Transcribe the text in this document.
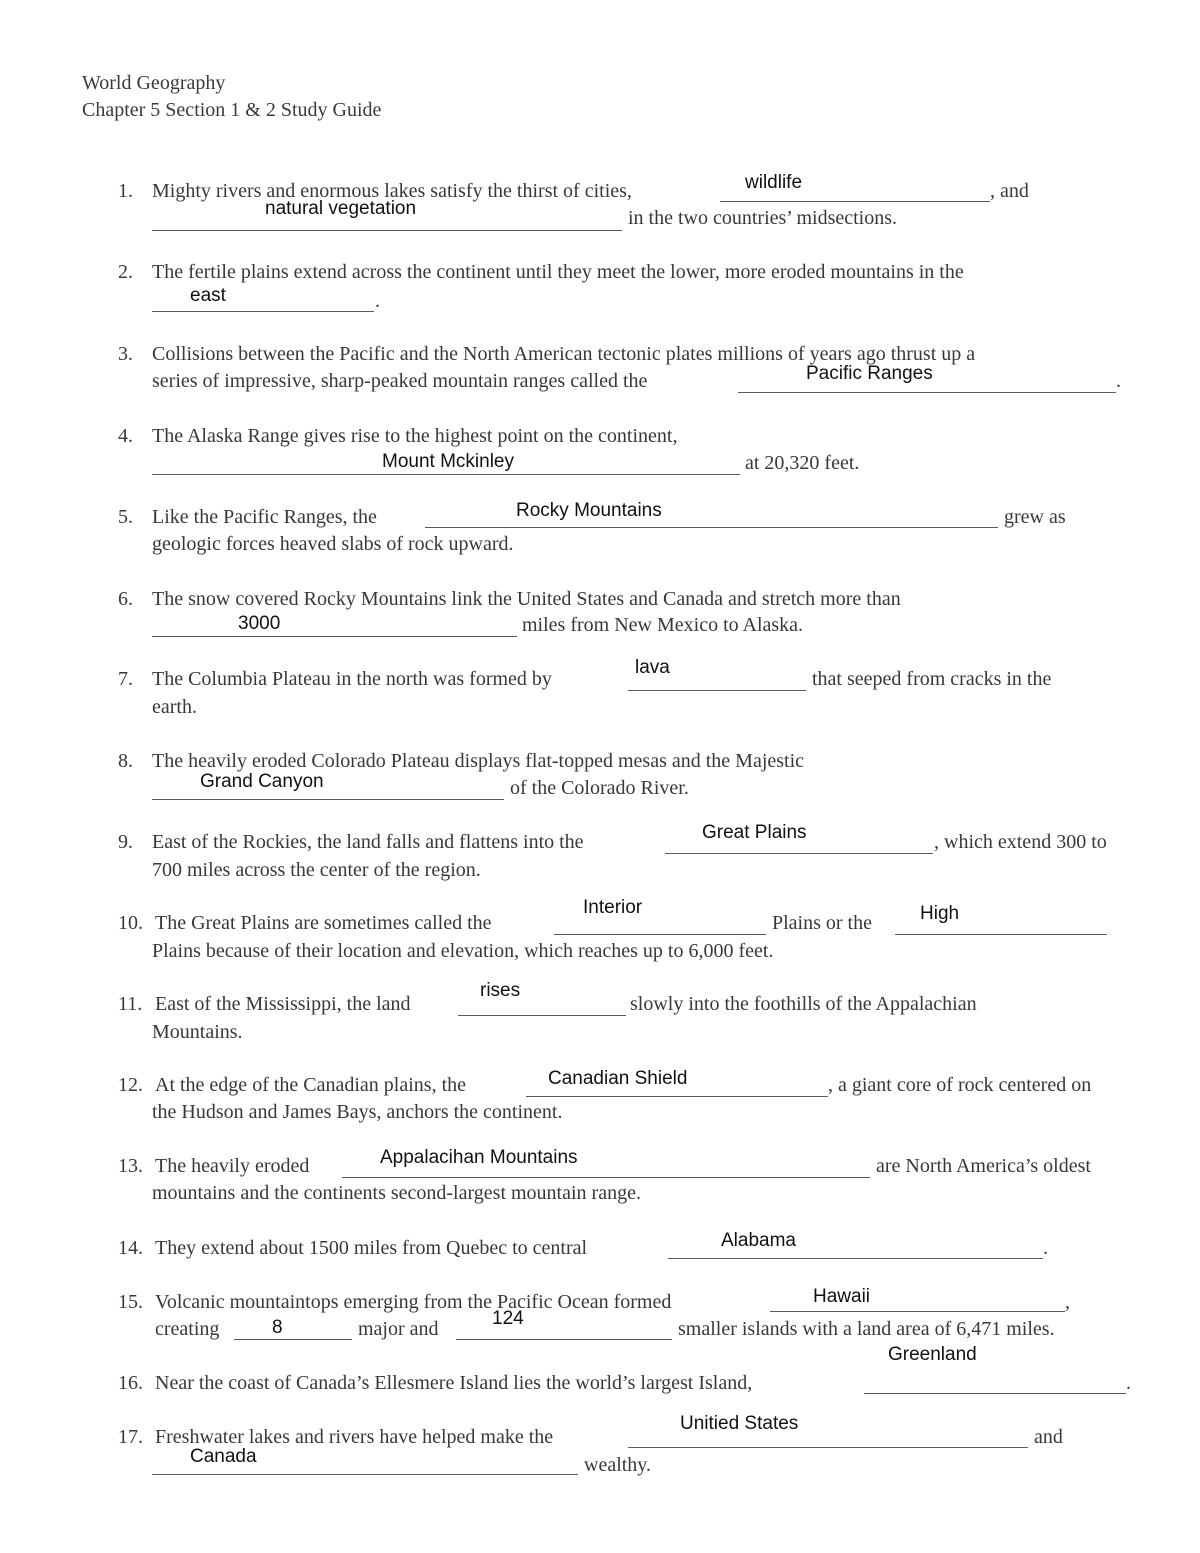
World Geography
Chapter 5 Section 1 & 2 Study Guide
1. Mighty rivers and enormous lakes satisfy the thirst of cities,	wildlife	, and
natural vegetation	in the two countries’ midsections.
2. The fertile plains extend across the continent until they meet the lower, more eroded mountains in the
east	.
3. Collisions between the Pacific and the North American tectonic plates millions of years ago thrust up a
series of impressive, sharp-peaked mountain ranges called the	Pacific Ranges	.
4. The Alaska Range gives rise to the highest point on the continent,
Mount Mckinley	at 20,320 feet.
5. Like the Pacific Ranges, the	Rocky Mountains	grew as
geologic forces heaved slabs of rock upward.
6. The snow covered Rocky Mountains link the United States and Canada and stretch more than
3000	miles from New Mexico to Alaska.
7. The Columbia Plateau in the north was formed by
lava
that seeped from cracks in the
earth.
8. The heavily eroded Colorado Plateau displays flat-topped mesas and the Majestic
Grand Canyon	of the Colorado River.
9. East of the Rockies, the land falls and flattens into the	Great Plains	, which extend 300 to
700 miles across the center of the region.
10. The Great Plains are sometimes called the
Interior
Plains or the	High
Plains because of their location and elevation, which reaches up to 6,000 feet.
11. East of the Mississippi, the land
rises
slowly into the foothills of the Appalachian
Mountains.
12. At the edge of the Canadian plains, the	Canadian Shield	, a giant core of rock centered on
the Hudson and James Bays, anchors the continent.
13. The heavily eroded	Appalacihan Mountains	are North America’s oldest
mountains and the continents second-largest mountain range.
14. They extend about 1500 miles from Quebec to central	Alabama	.
15. Volcanic mountaintops emerging from the Pacific Ocean formed	Hawaii	,
creating	8	major and	124	smaller islands with a land area of 6,471 miles.
Greenland
16. Near the coast of Canada’s Ellesmere Island lies the world’s largest Island,	.
17. Freshwater lakes and rivers have helped make the
Unitied States
and
Canada	wealthy.
